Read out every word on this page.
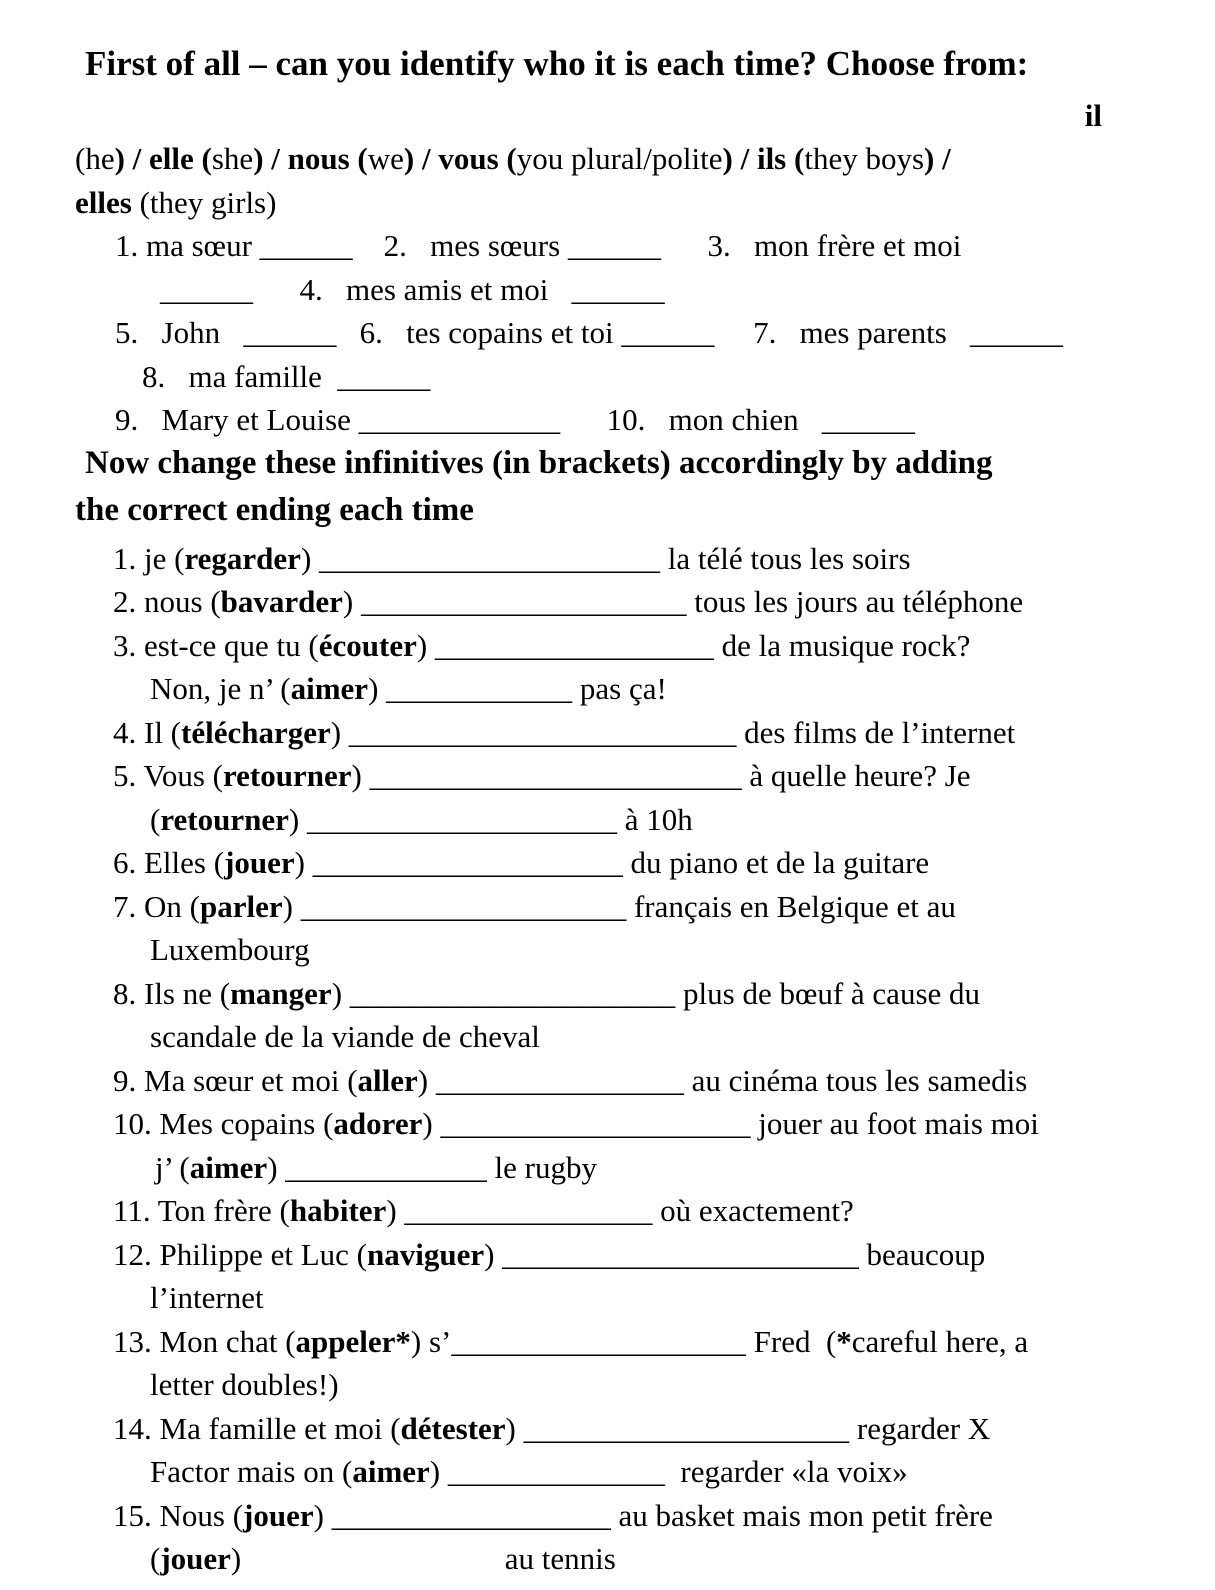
First of all – can you identify who it is each time? Choose from:
il
(he) / elle (she) / nous (we) / vous (you plural/polite) / ils (they boys) /
elles (they girls)
1. ma sœur ______    2.   mes sœurs ______      3.   mon frère et moi
______      4.   mes amis et moi   ______
5.   John   ______   6.   tes copains et toi ______     7.   mes parents   ______
8.   ma famille  ______
9.   Mary et Louise _____________      10.   mon chien   ______
Now change these infinitives (in brackets) accordingly by adding
the correct ending each time
1. je (regarder) ______________________ la télé tous les soirs
2. nous (bavarder) _____________________ tous les jours au téléphone
3. est-ce que tu (écouter) __________________ de la musique rock?
Non, je n’ (aimer) ____________ pas ça!
4. Il (télécharger) _________________________ des films de l’internet
5. Vous (retourner) ________________________ à quelle heure? Je
(retourner) ____________________ à 10h
6. Elles (jouer) ____________________ du piano et de la guitare
7. On (parler) _____________________ français en Belgique et au
Luxembourg
8. Ils ne (manger) _____________________ plus de bœuf à cause du
scandale de la viande de cheval
9. Ma sœur et moi (aller) ________________ au cinéma tous les samedis
10. Mes copains (adorer) ____________________ jouer au foot mais moi
j’ (aimer) _____________ le rugby
11. Ton frère (habiter) ________________ où exactement?
12. Philippe et Luc (naviguer) _______________________ beaucoup
l’internet
13. Mon chat (appeler*) s’___________________ Fred  (*careful here, a
letter doubles!)
14. Ma famille et moi (détester) _____________________ regarder X
Factor mais on (aimer) ______________  regarder «la voix»
15. Nous (jouer) __________________ au basket mais mon petit frère
(jouer)	au tennis
